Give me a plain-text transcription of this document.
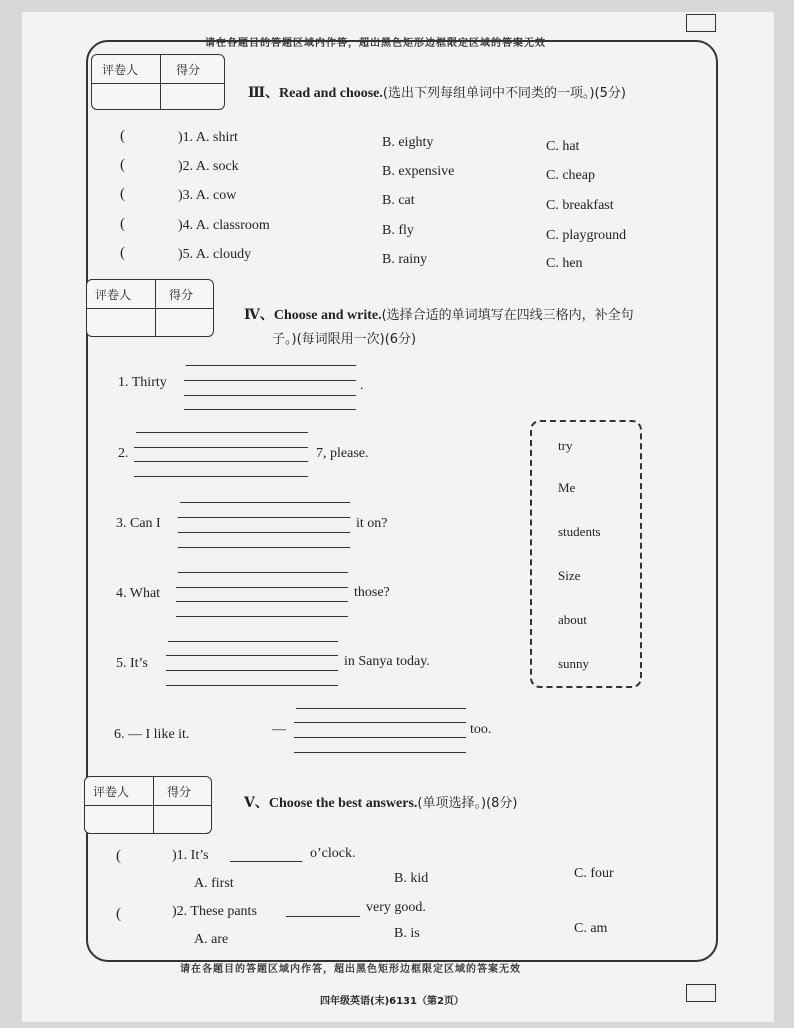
请在各题目的答题区域内作答，超出黑色矩形边框限定区域的答案无效
请在各题目的答题区域内作答，超出黑色矩形边框限定区域的答案无效
四年级英语(末)6131（第2页）
评卷人	得分
Ⅲ、Read and choose.(选出下列每组单词中不同类的一项。)(5分)
(	)1. A. shirt	B. eighty	C. hat
(	)2. A. sock	B. expensive	C. cheap
(	)3. A. cow	B. cat	C. breakfast
(	)4. A. classroom	B. fly	C. playground
(	)5. A. cloudy	B. rainy	C. hen
评卷人	得分
Ⅳ、Choose and write.(选择合适的单词填写在四线三格内，补全句
子。)(每词限用一次)(6分)
1. Thirty	.
2.	7, please.
3. Can I	it on?
4. What	those?
5. It’s	in Sanya today.
6. — I like it.	—	too.
try
Me
students
Size
about
sunny
评卷人	得分
Ⅴ、Choose the best answers.(单项选择。)(8分)
(	)1. It’s	o’clock.
A. first	B. kid	C. four
(	)2. These pants	very good.
A. are	B. is	C. am
